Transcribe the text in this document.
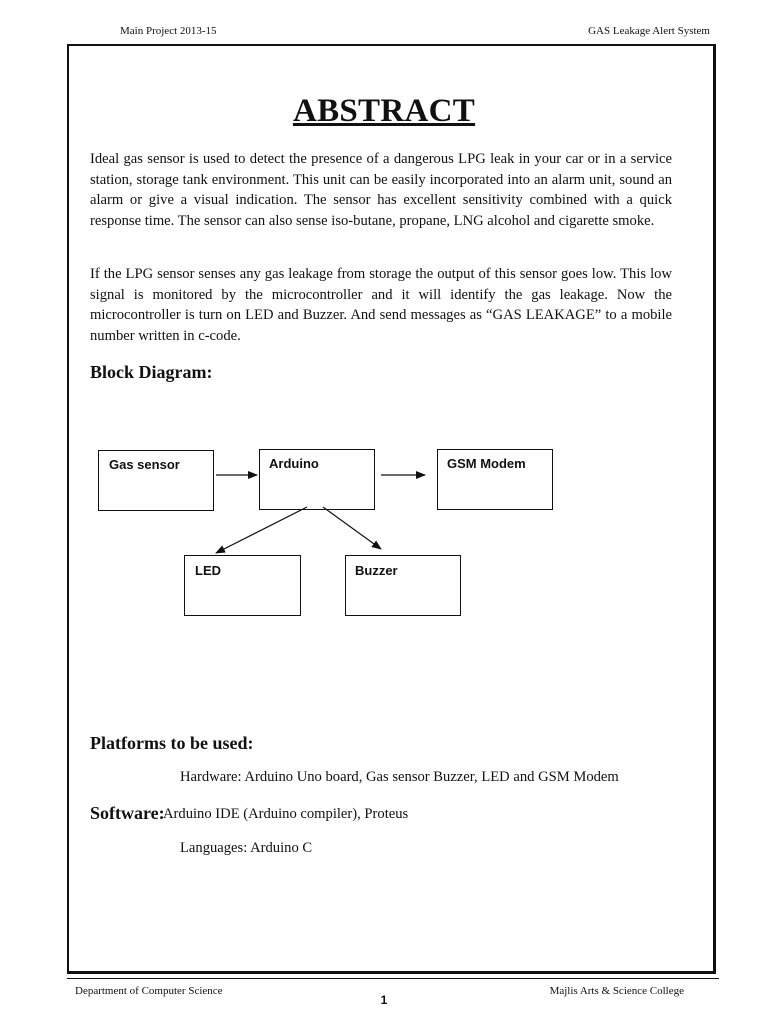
Main Project 2013-15	GAS Leakage Alert System
ABSTRACT

Ideal gas sensor is used to detect the presence of a dangerous LPG leak in your car or in a service station, storage tank environment. This unit can be easily incorporated into an alarm unit, sound an alarm or give a visual indication. The sensor has excellent sensitivity combined with a quick response time. The sensor can also sense iso-butane, propane, LNG alcohol and cigarette smoke.

If the LPG sensor senses any gas leakage from storage the output of this sensor goes low. This low signal is monitored by the microcontroller and it will identify the gas leakage. Now the microcontroller is turn on LED and Buzzer. And send messages as “GAS LEAKAGE” to a mobile number written in c-code.

Block Diagram:
Gas sensor	Arduino	GSM Modem
LED	Buzzer
Platforms to be used:
Hardware: Arduino Uno board, Gas sensor Buzzer, LED and GSM Modem
Software:
Arduino IDE (Arduino compiler), Proteus
Languages: Arduino C
Department of Computer Science	Majlis Arts & Science College
1
